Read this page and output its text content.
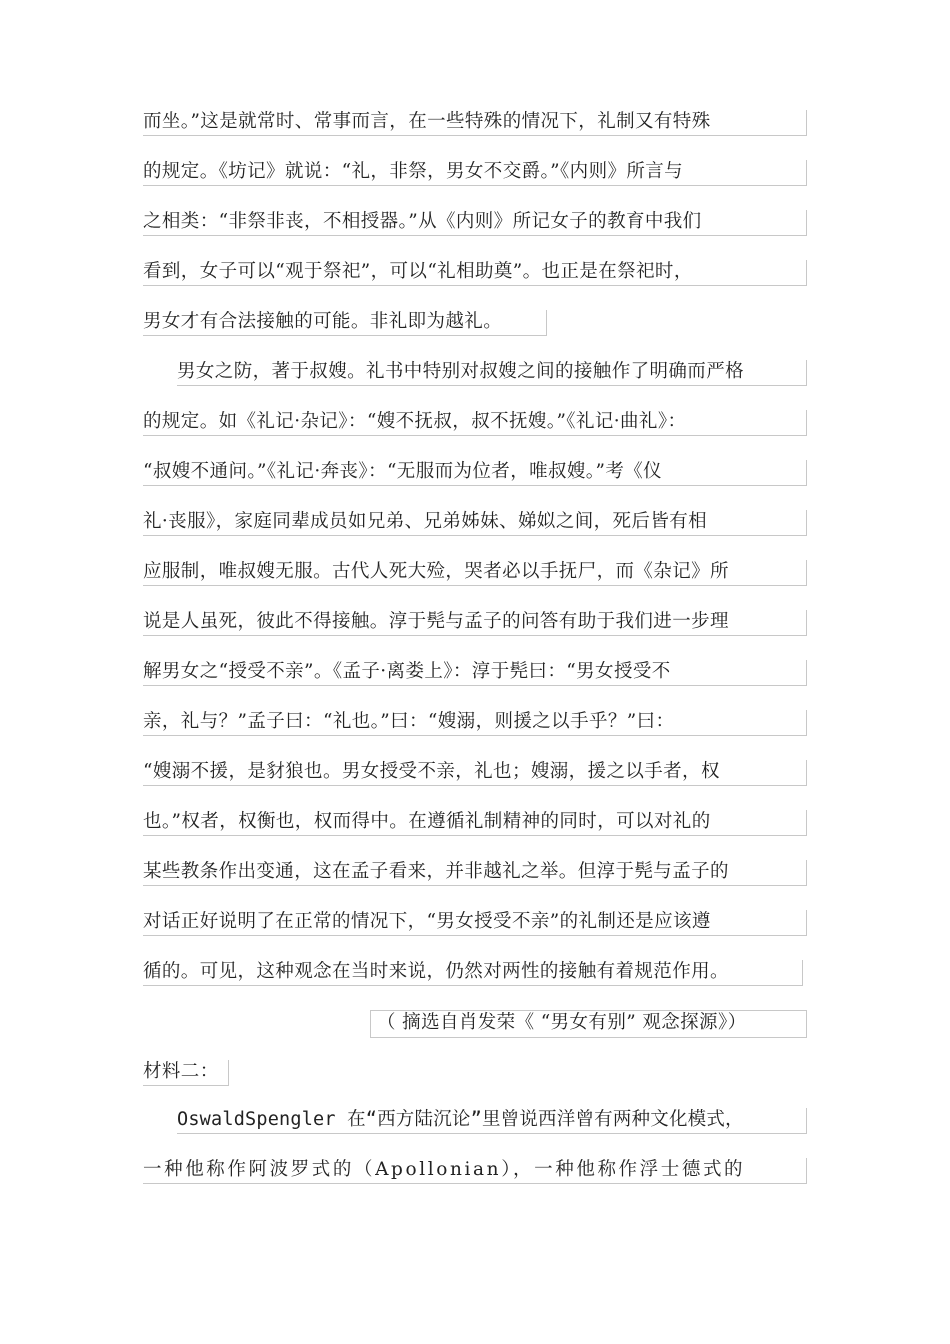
而坐。”这是就常时、常事而言，在一些特殊的情况下，礼制又有特殊
的规定。《坊记》就说：“礼，非祭，男女不交爵。”《内则》所言与
之相类：“非祭非丧，不相授器。”从《内则》所记女子的教育中我们
看到，女子可以“观于祭祀”，可以“礼相助奠”。也正是在祭祀时，
男女才有合法接触的可能。非礼即为越礼。
男女之防，著于叔嫂。礼书中特别对叔嫂之间的接触作了明确而严格
的规定。如《礼记·杂记》：“嫂不抚叔，叔不抚嫂。”《礼记·曲礼》：
“叔嫂不通问。”《礼记·奔丧》：“无服而为位者，唯叔嫂。”考《仪
礼·丧服》，家庭同辈成员如兄弟、兄弟姊妹、娣姒之间，死后皆有相
应服制，唯叔嫂无服。古代人死大殓，哭者必以手抚尸，而《杂记》所
说是人虽死，彼此不得接触。淳于髡与孟子的问答有助于我们进一步理
解男女之“授受不亲”。《孟子·离娄上》：淳于髡曰：“男女授受不
亲，礼与？”孟子曰：“礼也。”曰：“嫂溺，则援之以手乎？”曰：
“嫂溺不援，是豺狼也。男女授受不亲，礼也；嫂溺，援之以手者，权
也。”权者，权衡也，权而得中。在遵循礼制精神的同时，可以对礼的
某些教条作出变通，这在孟子看来，并非越礼之举。但淳于髡与孟子的
对话正好说明了在正常的情况下，“男女授受不亲”的礼制还是应该遵
循的。可见，这种观念在当时来说，仍然对两性的接触有着规范作用。
（ 摘选自肖发荣《 “男女有别” 观念探源》）
材料二：
OswaldSpengler 在“西方陆沉论”里曾说西洋曾有两种文化模式，
一种他称作阿波罗式的（Apollonian），一种他称作浮士德式的
